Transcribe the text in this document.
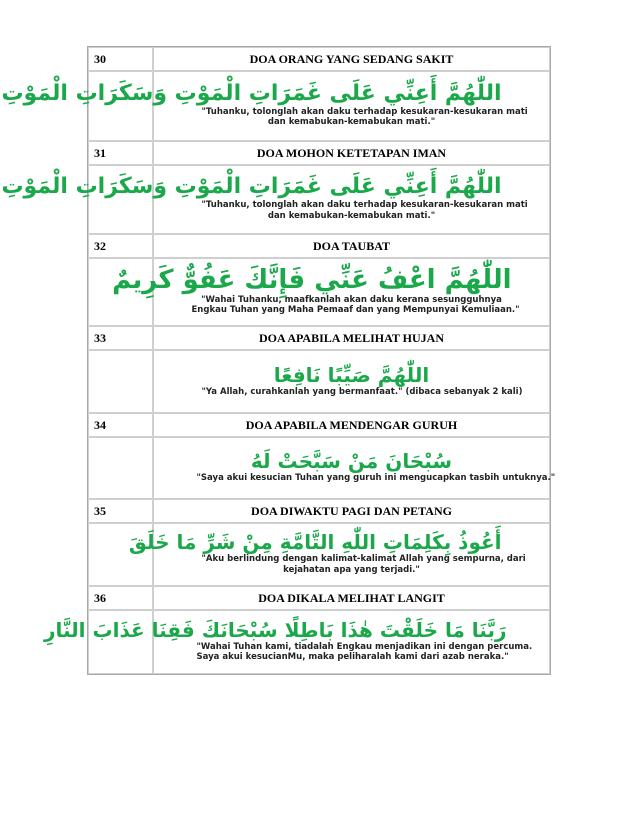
30	DOA ORANG YANG SEDANG SAKIT

	اللّٰهُمَّ أَعِنِّي عَلَى غَمَرَاتِ الْمَوْتِ وَسَكَرَاتِ الْمَوْتِ
"Tuhanku, tolonglah akan daku terhadap kesukaran-kesukaran mati
dan kemabukan-kemabukan mati."

31	DOA MOHON KETETAPAN IMAN

	اللّٰهُمَّ أَعِنِّي عَلَى غَمَرَاتِ الْمَوْتِ وَسَكَرَاتِ الْمَوْتِ
"Tuhanku, tolonglah akan daku terhadap kesukaran-kesukaran mati
dan kemabukan-kemabukan mati."

32	DOA TAUBAT

	اللّٰهُمَّ اعْفُ عَنِّي فَإِنَّكَ عَفُوٌّ كَرِيمٌ
"Wahai Tuhanku, maafkanlah akan daku kerana sesungguhnya
Engkau Tuhan yang Maha Pemaaf dan yang Mempunyai Kemuliaan."

33	DOA APABILA MELIHAT HUJAN

	اللّٰهُمَّ صَيِّبًا نَافِعًا
"Ya Allah, curahkanlah yang bermanfaat." (dibaca sebanyak 2 kali)

34	DOA APABILA MENDENGAR GURUH

	سُبْحَانَ مَنْ سَبَّحَتْ لَهُ
"Saya akui kesucian Tuhan yang guruh ini mengucapkan tasbih untuknya."

35	DOA DIWAKTU PAGI DAN PETANG

	أَعُوذُ بِكَلِمَاتِ اللّٰهِ التَّامَّةِ مِنْ شَرِّ مَا خَلَقَ
"Aku berlindung dengan kalimat-kalimat Allah yang sempurna, dari
kejahatan apa yang terjadi."

36	DOA DIKALA MELIHAT LANGIT

	رَبَّنَا مَا خَلَقْتَ هٰذَا بَاطِلًا سُبْحَانَكَ فَقِنَا عَذَابَ النَّارِ
"Wahai Tuhan kami, tiadalah Engkau menjadikan ini dengan percuma.
Saya akui kesucianMu, maka peliharalah kami dari azab neraka."
